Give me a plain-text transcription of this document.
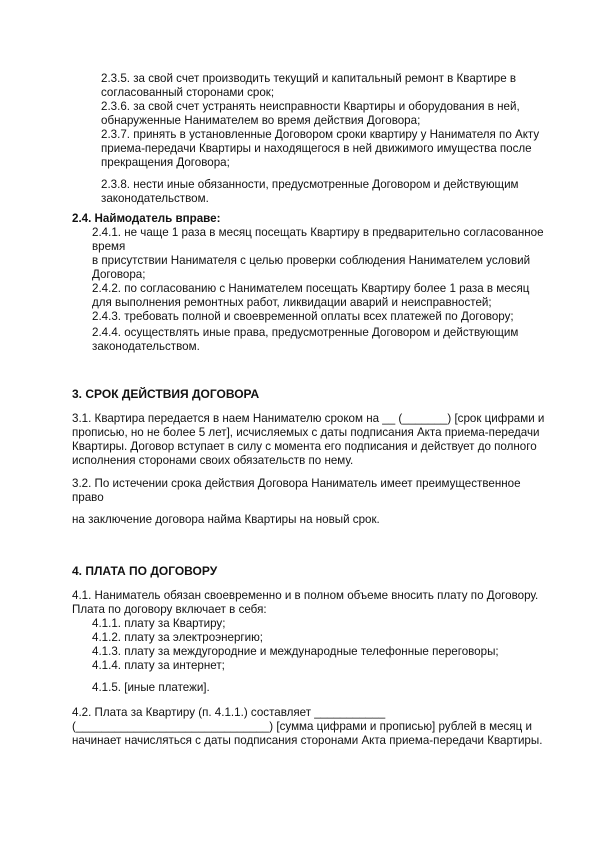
2.3.5. за свой счет производить текущий и капитальный ремонт в Квартире в
согласованный сторонами срок;
2.3.6. за свой счет устранять неисправности Квартиры и оборудования в ней,
обнаруженные Нанимателем во время действия Договора;
2.3.7. принять в установленные Договором сроки квартиру у Нанимателя по Акту
приема-передачи Квартиры и находящегося в ней движимого имущества после
прекращения Договора;
2.3.8. нести иные обязанности, предусмотренные Договором и действующим
законодательством.
2.4. Наймодатель вправе:
2.4.1. не чаще 1 раза в месяц посещать Квартиру в предварительно согласованное
время
в присутствии Нанимателя с целью проверки соблюдения Нанимателем условий
Договора;
2.4.2. по согласованию с Нанимателем посещать Квартиру более 1 раза в месяц
для выполнения ремонтных работ, ликвидации аварий и неисправностей;
2.4.3. требовать полной и своевременной оплаты всех платежей по Договору;
2.4.4. осуществлять иные права, предусмотренные Договором и действующим
законодательством.
3. СРОК ДЕЙСТВИЯ ДОГОВОРА
3.1. Квартира передается в наем Нанимателю сроком на __ (_______) [срок цифрами и
прописью, но не более 5 лет], исчисляемых с даты подписания Акта приема-передачи
Квартиры. Договор вступает в силу с момента его подписания и действует до полного
исполнения сторонами своих обязательств по нему.
3.2. По истечении срока действия Договора Наниматель имеет преимущественное
право
на заключение договора найма Квартиры на новый срок.
4. ПЛАТА ПО ДОГОВОРУ
4.1. Наниматель обязан своевременно и в полном объеме вносить плату по Договору.
Плата по договору включает в себя:
4.1.1. плату за Квартиру;
4.1.2. плату за электроэнергию;
4.1.3. плату за междугородние и международные телефонные переговоры;
4.1.4. плату за интернет;
4.1.5. [иные платежи].
4.2. Плата за Квартиру (п. 4.1.1.) составляет ___________
(______________________________) [сумма цифрами и прописью] рублей в месяц и
начинает начисляться с даты подписания сторонами Акта приема-передачи Квартиры.
